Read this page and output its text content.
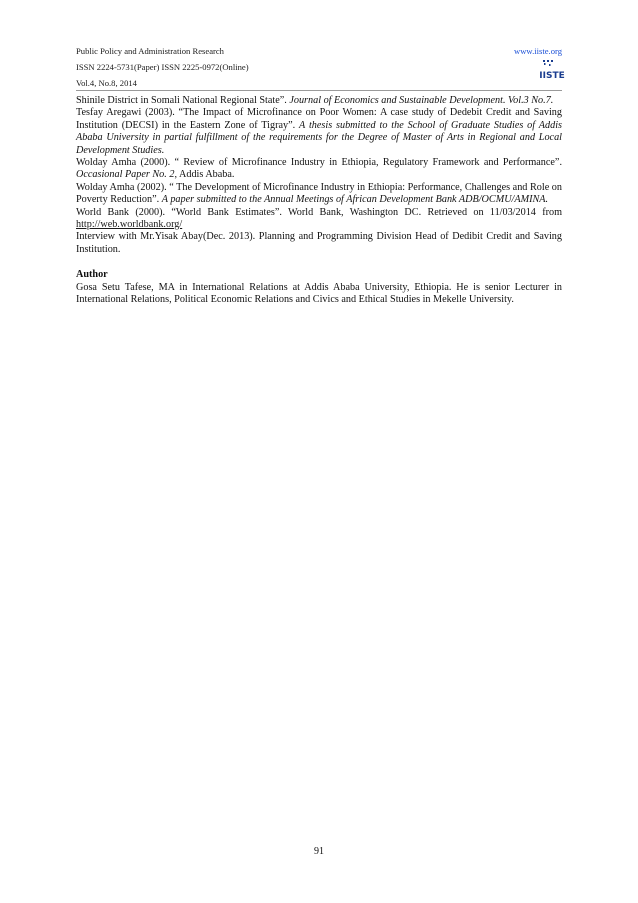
Public Policy and Administration Research
ISSN 2224-5731(Paper) ISSN 2225-0972(Online)
Vol.4, No.8, 2014
www.iiste.org
IISTE

Shinile District in Somali National Regional State”. Journal of Economics and Sustainable Development. Vol.3 No.7.

Tesfay Aregawi (2003). “The Impact of Microfinance on Poor Women: A case study of Dedebit Credit and Saving Institution (DECSI) in the Eastern Zone of Tigray”. A thesis submitted to the School of Graduate Studies of Addis Ababa University in partial fulfillment of the requirements for the Degree of Master of Arts in Regional and Local Development Studies.

Wolday Amha (2000). “ Review of Microfinance Industry in Ethiopia, Regulatory Framework and Performance”. Occasional Paper No. 2, Addis Ababa.

Wolday Amha (2002). “ The Development of Microfinance Industry in Ethiopia: Performance, Challenges and Role on Poverty Reduction”. A paper submitted to the Annual Meetings of African Development Bank ADB/OCMU/AMINA.

World Bank (2000). “World Bank Estimates”. World Bank, Washington DC. Retrieved on 11/03/2014 from http://web.worldbank.org/

Interview with Mr.Yisak Abay(Dec. 2013). Planning and Programming Division Head of Dedibit Credit and Saving Institution.

Author

Gosa Setu Tafese, MA in International Relations at Addis Ababa University, Ethiopia. He is senior Lecturer in International Relations, Political Economic Relations and Civics and Ethical Studies in Mekelle University.

91
